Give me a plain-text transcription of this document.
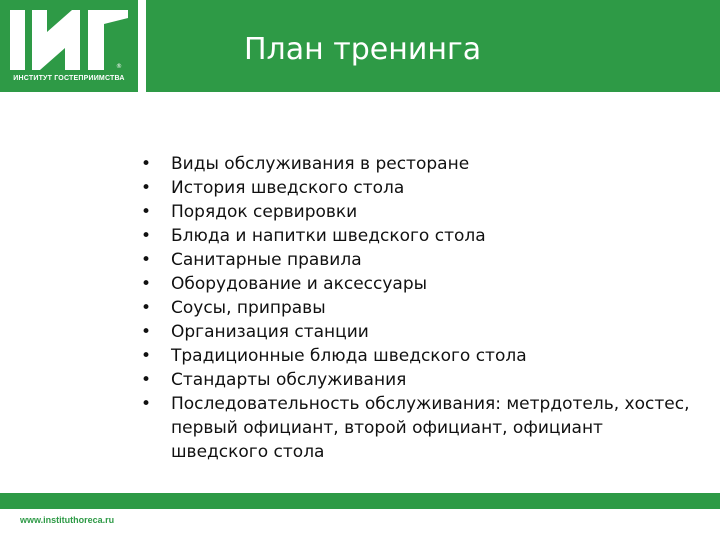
®
ИНСТИТУТ ГОСТЕПРИИМСТВА
План тренинга
• Виды обслуживания в ресторане
• История шведского стола
• Порядок сервировки
• Блюда и напитки шведского стола
• Санитарные правила
• Оборудование и аксессуары
• Соусы, приправы
• Организация станции
• Традиционные блюда шведского стола
• Стандарты обслуживания
• Последовательность обслуживания: метрдотель, хостес, первый официант, второй официант, официант шведского стола
www.instituthoreca.ru
